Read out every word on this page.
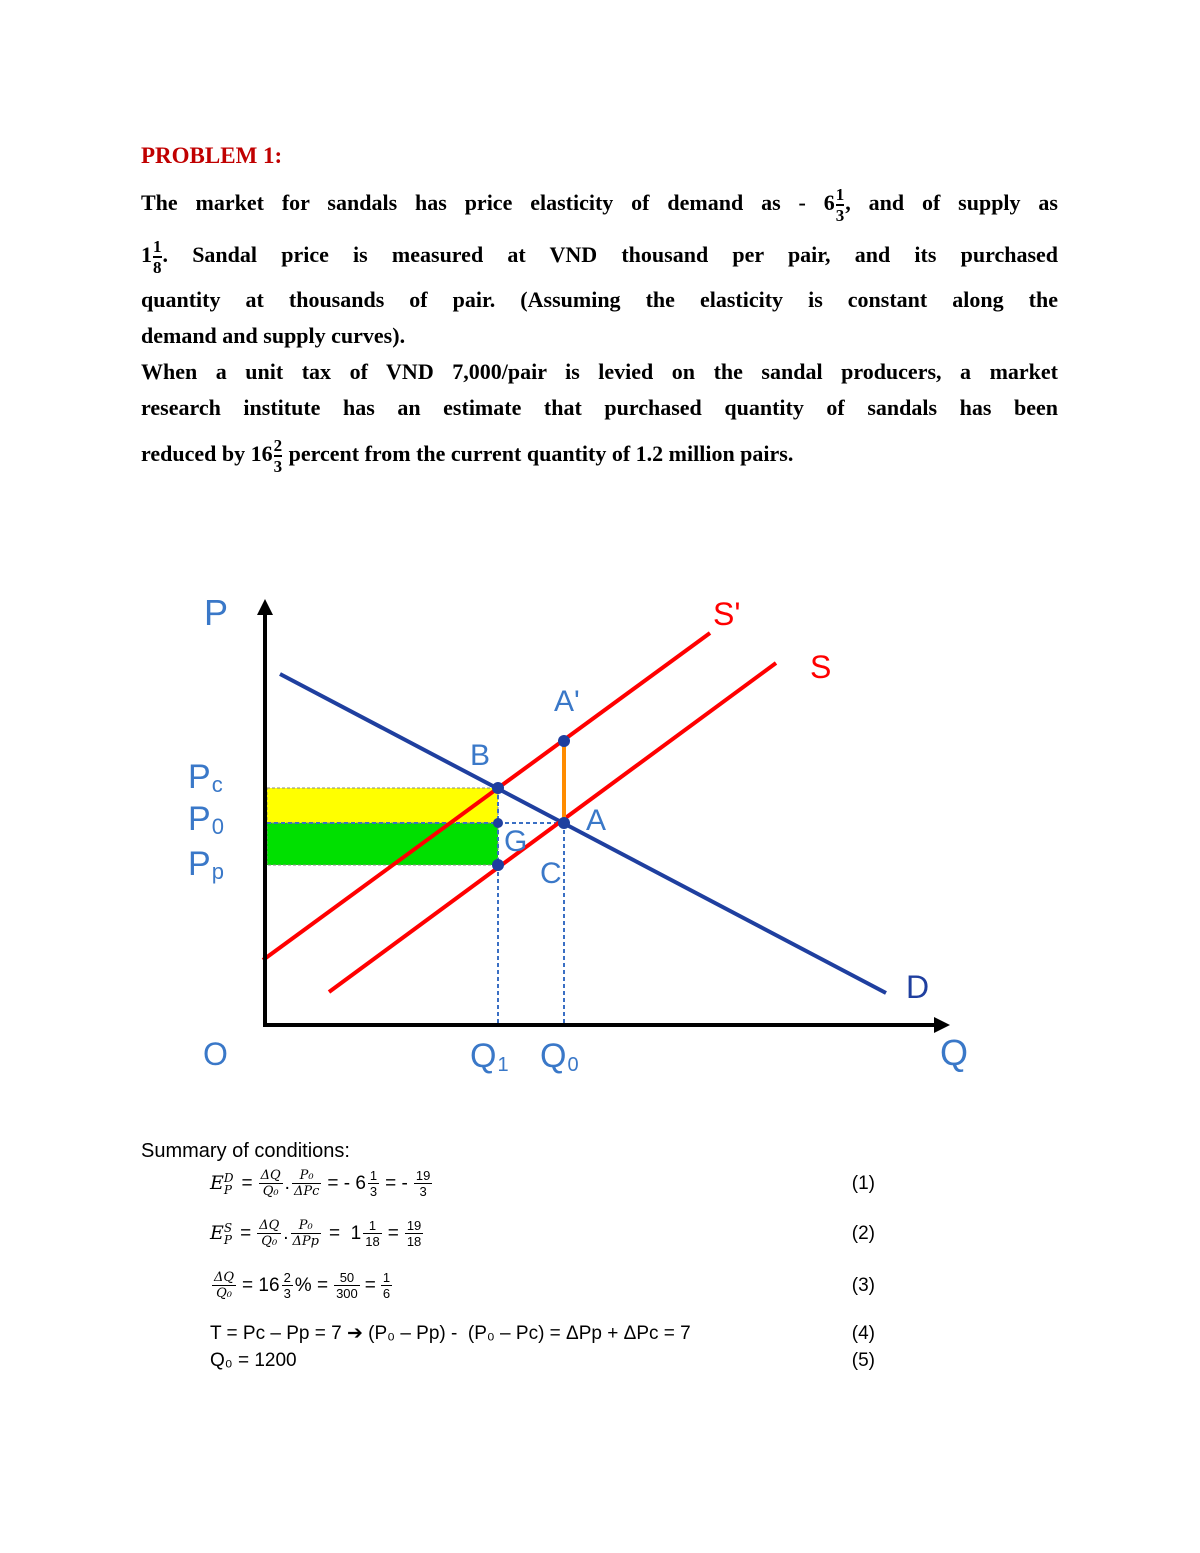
PROBLEM 1:
The market for sandals has price elasticity of demand as - $6 \frac{1}{3}$ , and of supply as
$1 \frac{1}{8}$ . Sandal price is measured at VND thousand per pair, and its purchased
quantity at thousands of pair. (Assuming the elasticity is constant along the
demand and supply curves).
When a unit tax of VND 7,000/pair is levied on the sandal producers, a market
research institute has an estimate that purchased quantity of sandals has been
reduced by $16 \frac{2}{3}$ percent from the current quantity of 1.2 million pairs.
P
Q
O
Pc
P0
Pp
Q1 Q0
S'
S
D
A'
B
A
G
C
Summary of conditions:
E D
$P = \frac{\Delta Q}{\text{Q₀}}$ . P₀
ΔPc = - $6 \frac{1}{3}$ = - $\frac{19}{3}$	(1)
E S
$P = \frac{\Delta Q}{\text{Q₀}}$ . P₀
$\Delta Pp = 1 \frac{1}{18} = \frac{19}{18}$	(2)
$\frac{\Delta Q}{\text{Q₀}} = 16 \frac{2}{3}$ % = $\frac{50}{300} = \frac{1}{6}$	(3)
T = Pc – Pp = 7 ➔ (P₀ – Pp) -  (P₀ – Pc) = ΔPp + ΔPc = 7	(4)
Q₀ = 1200	(5)
